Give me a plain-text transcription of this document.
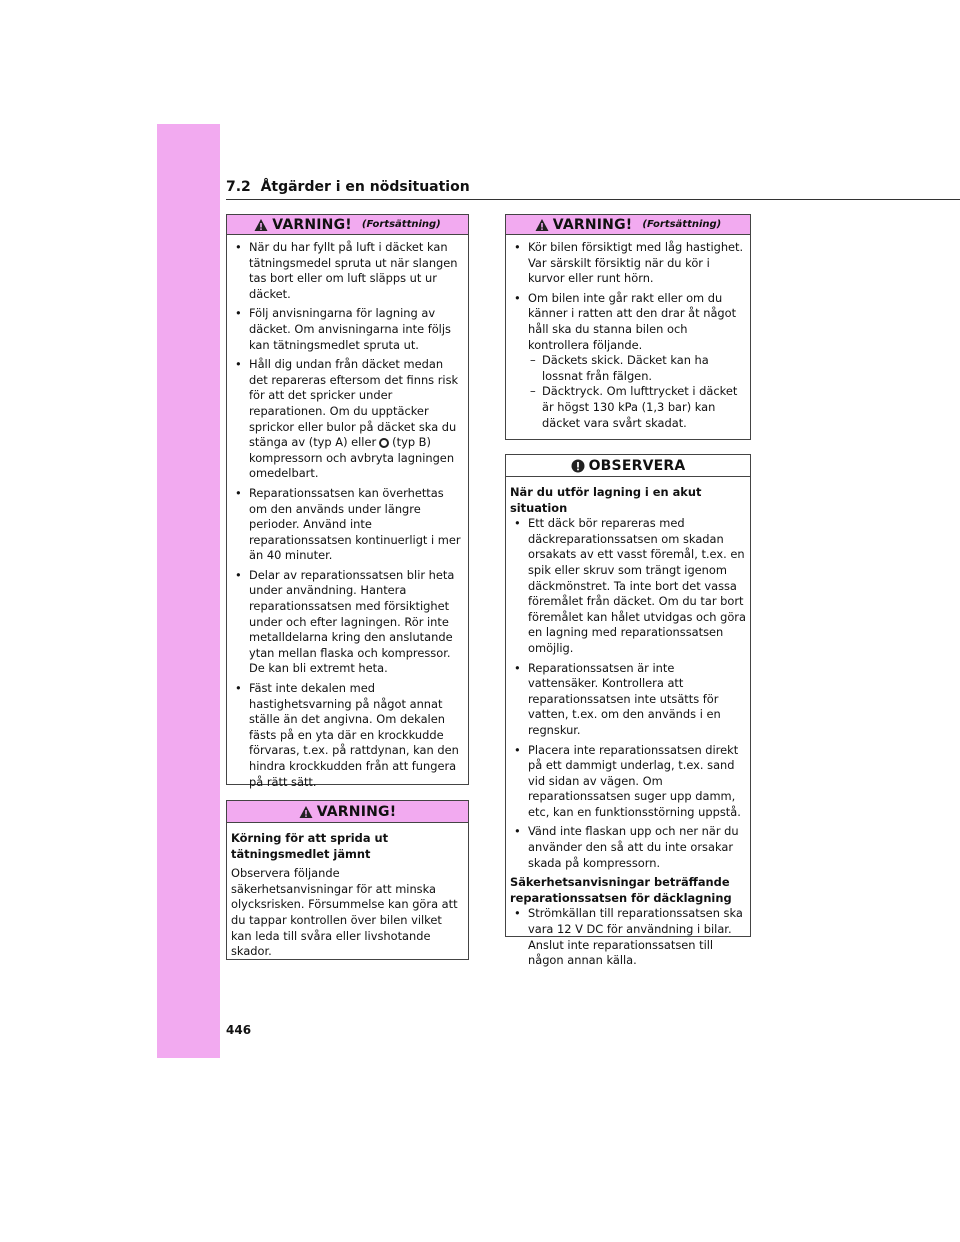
7.2 Åtgärder i en nödsituation
VARNING! (Fortsättning)
• När du har fyllt på luft i däcket kan tätningsmedel spruta ut när slangen tas bort eller om luft släpps ut ur däcket.
• Följ anvisningarna för lagning av däcket. Om anvisningarna inte följs kan tätningsmedlet spruta ut.
• Håll dig undan från däcket medan det repareras eftersom det finns risk för att det spricker under reparationen. Om du upptäcker sprickor eller bulor på däcket ska du stänga av (typ A) eller (typ B) kompressorn och avbryta lagningen omedelbart.
• Reparationssatsen kan överhettas om den används under längre perioder. Använd inte reparationssatsen kontinuerligt i mer än 40 minuter.
• Delar av reparationssatsen blir heta under användning. Hantera reparationssatsen med försiktighet under och efter lagningen. Rör inte metalldelarna kring den anslutande ytan mellan flaska och kompressor. De kan bli extremt heta.
• Fäst inte dekalen med hastighetsvarning på något annat ställe än det angivna. Om dekalen fästs på en yta där en krockkudde förvaras, t.ex. på rattdynan, kan den hindra krockkudden från att fungera på rätt sätt.
VARNING!
Körning för att sprida ut tätningsmedlet jämnt

Observera följande säkerhetsanvisningar för att minska olycksrisken. Försummelse kan göra att du tappar kontrollen över bilen vilket kan leda till svåra eller livshotande skador.

VARNING! (Fortsättning)
• Kör bilen försiktigt med låg hastighet. Var särskilt försiktig när du kör i kurvor eller runt hörn.
• Om bilen inte går rakt eller om du känner i ratten att den drar åt något håll ska du stanna bilen och kontrollera följande.
– Däckets skick. Däcket kan ha lossnat från fälgen.
– Däcktryck. Om lufttrycket i däcket är högst 130 kPa (1,3 bar) kan däcket vara svårt skadat.
OBSERVERA
När du utför lagning i en akut situation
• Ett däck bör repareras med däckreparationssatsen om skadan orsakats av ett vasst föremål, t.ex. en spik eller skruv som trängt igenom däckmönstret. Ta inte bort det vassa föremålet från däcket. Om du tar bort föremålet kan hålet utvidgas och göra en lagning med reparationssatsen omöjlig.
• Reparationssatsen är inte vattensäker. Kontrollera att reparationssatsen inte utsätts för vatten, t.ex. om den används i en regnskur.
• Placera inte reparationssatsen direkt på ett dammigt underlag, t.ex. sand vid sidan av vägen. Om reparationssatsen suger upp damm, etc, kan en funktionsstörning uppstå.
• Vänd inte flaskan upp och ner när du använder den så att du inte orsakar skada på kompressorn.
Säkerhetsanvisningar beträffande reparationssatsen för däcklagning
• Strömkällan till reparationssatsen ska vara 12 V DC för användning i bilar. Anslut inte reparationssatsen till någon annan källa.
446
